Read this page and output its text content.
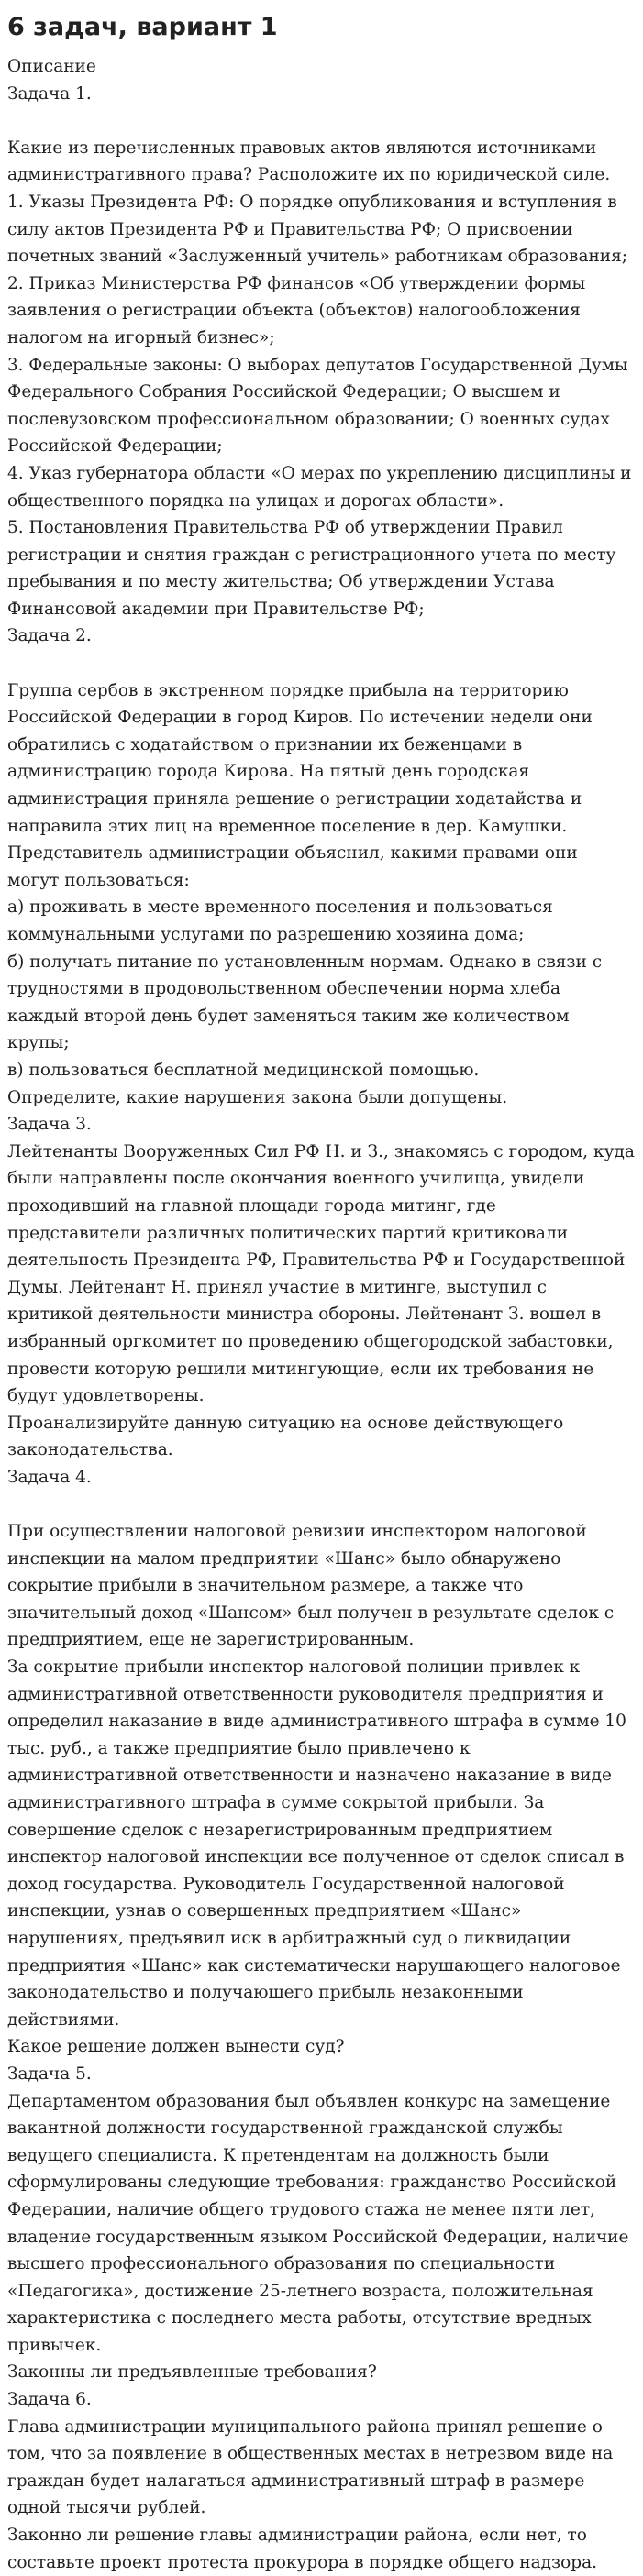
6 задач, вариант 1
Описание
Задача 1.
Какие из перечисленных правовых актов являются источниками
административного права? Расположите их по юридической силе.
1. Указы Президента РФ: О порядке опубликования и вступления в
силу актов Президента РФ и Правительства РФ; О присвоении
почетных званий «Заслуженный учитель» работникам образования;
2. Приказ Министерства РФ финансов «Об утверждении формы
заявления о регистрации объекта (объектов) налогообложения
налогом на игорный бизнес»;
3. Федеральные законы: О выборах депутатов Государственной Думы
Федерального Собрания Российской Федерации; О высшем и
послевузовском профессиональном образовании; О военных судах
Российской Федерации;
4. Указ губернатора области «О мерах по укреплению дисциплины и
общественного порядка на улицах и дорогах области».
5. Постановления Правительства РФ об утверждении Правил
регистрации и снятия граждан с регистрационного учета по месту
пребывания и по месту жительства; Об утверждении Устава
Финансовой академии при Правительстве РФ;
Задача 2.
Группа сербов в экстренном порядке прибыла на территорию
Российской Федерации в город Киров. По истечении недели они
обратились с ходатайством о признании их беженцами в
администрацию города Кирова. На пятый день городская
администрация приняла решение о регистрации ходатайства и
направила этих лиц на временное поселение в дер. Камушки.
Представитель администрации объяснил, какими правами они
могут пользоваться:
а) проживать в месте временного поселения и пользоваться
коммунальными услугами по разрешению хозяина дома;
б) получать питание по установленным нормам. Однако в связи с
трудностями в продовольственном обеспечении норма хлеба
каждый второй день будет заменяться таким же количеством
крупы;
в) пользоваться бесплатной медицинской помощью.
Определите, какие нарушения закона были допущены.
Задача 3.
Лейтенанты Вооруженных Сил РФ Н. и З., знакомясь с городом, куда
были направлены после окончания военного училища, увидели
проходивший на главной площади города митинг, где
представители различных политических партий критиковали
деятельность Президента РФ, Правительства РФ и Государственной
Думы. Лейтенант Н. принял участие в митинге, выступил с
критикой деятельности министра обороны. Лейтенант З. вошел в
избранный оргкомитет по проведению общегородской забастовки,
провести которую решили митингующие, если их требования не
будут удовлетворены.
Проанализируйте данную ситуацию на основе действующего
законодательства.
Задача 4.
При осуществлении налоговой ревизии инспектором налоговой
инспекции на малом предприятии «Шанс» было обнаружено
сокрытие прибыли в значительном размере, а также что
значительный доход «Шансом» был получен в результате сделок с
предприятием, еще не зарегистрированным.
За сокрытие прибыли инспектор налоговой полиции привлек к
административной ответственности руководителя предприятия и
определил наказание в виде административного штрафа в сумме 10
тыс. руб., а также предприятие было привлечено к
административной ответственности и назначено наказание в виде
административного штрафа в сумме сокрытой прибыли. За
совершение сделок с незарегистрированным предприятием
инспектор налоговой инспекции все полученное от сделок списал в
доход государства. Руководитель Государственной налоговой
инспекции, узнав о совершенных предприятием «Шанс»
нарушениях, предъявил иск в арбитражный суд о ликвидации
предприятия «Шанс» как систематически нарушающего налоговое
законодательство и получающего прибыль незаконными
действиями.
Какое решение должен вынести суд?
Задача 5.
Департаментом образования был объявлен конкурс на замещение
вакантной должности государственной гражданской службы
ведущего специалиста. К претендентам на должность были
сформулированы следующие требования: гражданство Российской
Федерации, наличие общего трудового стажа не менее пяти лет,
владение государственным языком Российской Федерации, наличие
высшего профессионального образования по специальности
«Педагогика», достижение 25-летнего возраста, положительная
характеристика с последнего места работы, отсутствие вредных
привычек.
Законны ли предъявленные требования?
Задача 6.
Глава администрации муниципального района принял решение о
том, что за появление в общественных местах в нетрезвом виде на
граждан будет налагаться административный штраф в размере
одной тысячи рублей.
Законно ли решение главы администрации района, если нет, то
составьте проект протеста прокурора в порядке общего надзора.
